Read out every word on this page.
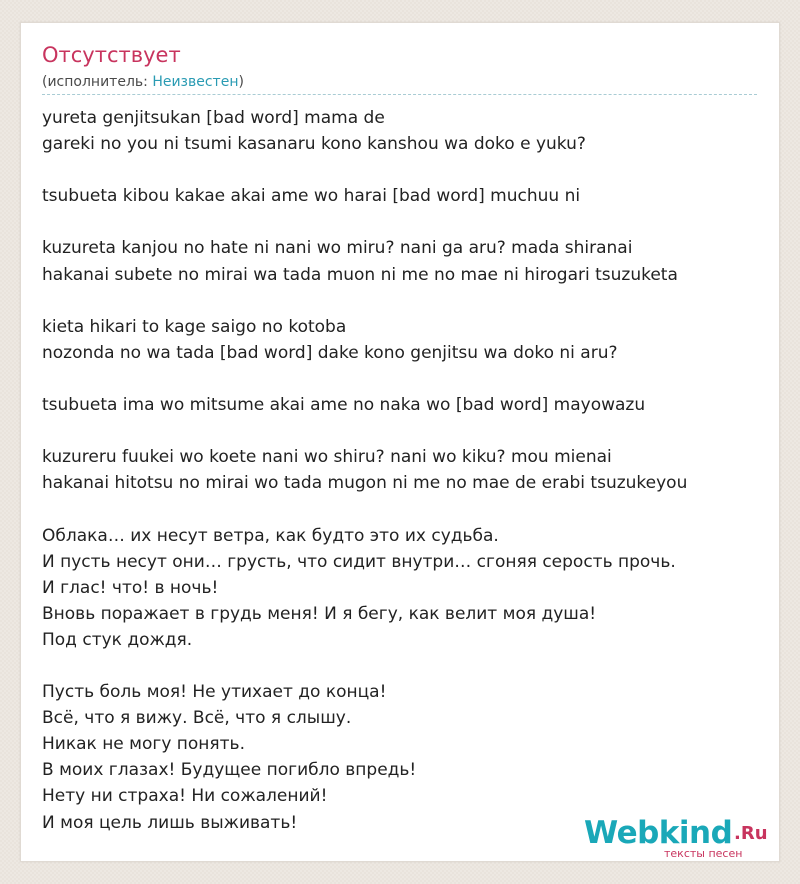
Отсутствует
(исполнитель: Неизвестен)
yureta genjitsukan [bad word] mama de
gareki no you ni tsumi kasanaru kono kanshou wa doko e yuku?
tsubueta kibou kakae akai ame wo harai [bad word] muchuu ni
kuzureta kanjou no hate ni nani wo miru? nani ga aru? mada shiranai
hakanai subete no mirai wa tada muon ni me no mae ni hirogari tsuzuketa
kieta hikari to kage saigo no kotoba
nozonda no wa tada [bad word] dake kono genjitsu wa doko ni aru?
tsubueta ima wo mitsume akai ame no naka wo [bad word] mayowazu
kuzureru fuukei wo koete nani wo shiru? nani wo kiku? mou mienai
hakanai hitotsu no mirai wo tada mugon ni me no mae de erabi tsuzukeyou
Облака… их несут ветра, как будто это их судьба.
И пусть несут они… грусть, что сидит внутри… сгоняя серость прочь.
И глас! что! в ночь!
Вновь поражает в грудь меня! И я бегу, как велит моя душа!
Под стук дождя.
Пусть боль моя! Не утихает до конца!
Всё, что я вижу. Всё, что я слышу.
Никак не могу понять.
В моих глазах! Будущее погибло впредь!
Нету ни страха! Ни сожалений!
И моя цель лишь выживать!	Webkind .Ru
тексты песен
